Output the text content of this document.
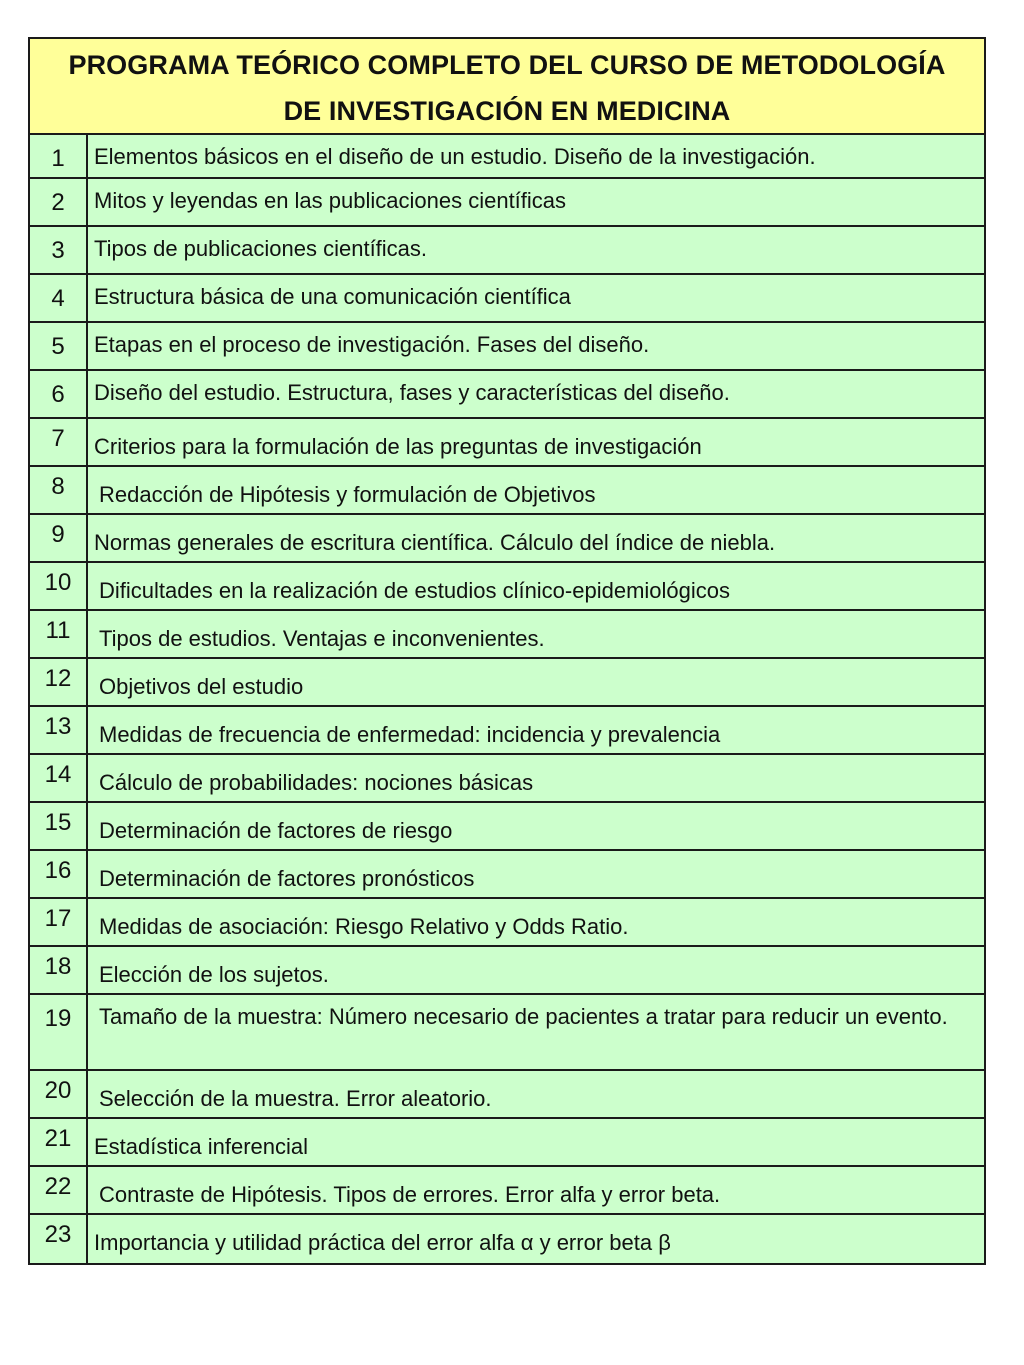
PROGRAMA TEÓRICO COMPLETO DEL CURSO DE METODOLOGÍA
DE INVESTIGACIÓN EN MEDICINA
1	Elementos básicos en el diseño de un estudio. Diseño de la investigación.
2	Mitos y leyendas en las publicaciones científicas
3	Tipos de publicaciones científicas.
4	Estructura básica de una comunicación científica
5	Etapas en el proceso de investigación. Fases del diseño.
6	Diseño del estudio. Estructura, fases y características del diseño.
7	Criterios para la formulación de las preguntas de investigación
8	Redacción de Hipótesis y formulación de Objetivos
9	Normas generales de escritura científica. Cálculo del índice de niebla.
10	Dificultades en la realización de estudios clínico-epidemiológicos
11	Tipos de estudios. Ventajas e inconvenientes.
12	Objetivos del estudio
13	Medidas de frecuencia de enfermedad: incidencia y prevalencia
14	Cálculo de probabilidades: nociones básicas
15	Determinación de factores de riesgo
16	Determinación de factores pronósticos
17	Medidas de asociación: Riesgo Relativo y Odds Ratio.
18	Elección de los sujetos.
19	Tamaño de la muestra: Número necesario de pacientes a tratar para reducir un evento.
20	Selección de la muestra. Error aleatorio.
21	Estadística inferencial
22	Contraste de Hipótesis. Tipos de errores. Error alfa y error beta.
23	Importancia y utilidad práctica del error alfa α y error beta β
